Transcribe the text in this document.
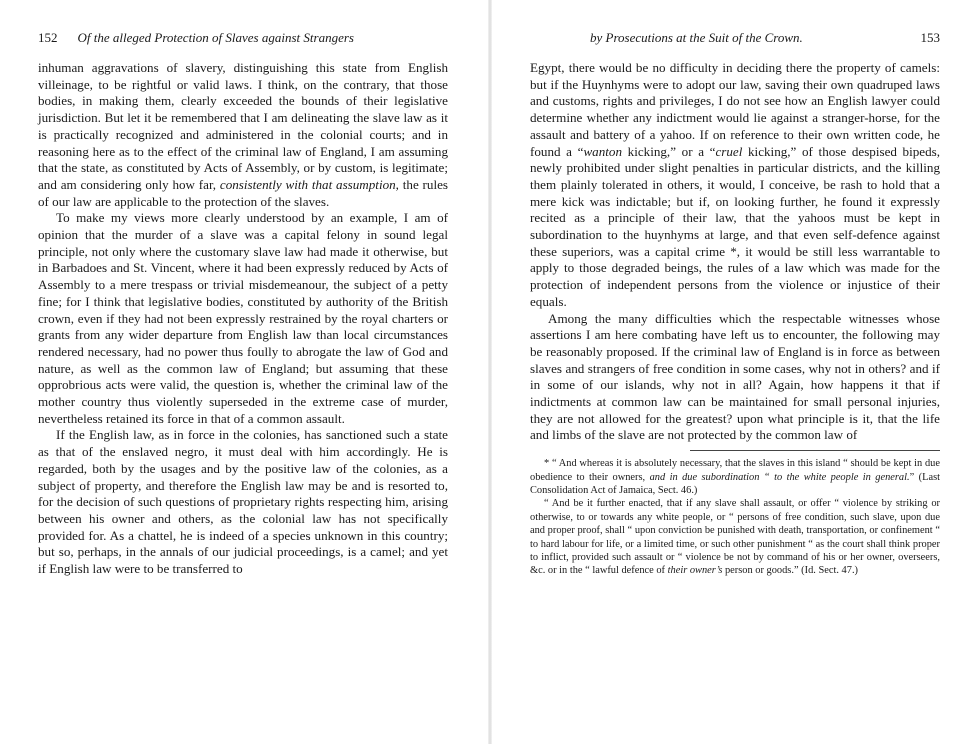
152 Of the alleged Protection of Slaves against Strangers

inhuman aggravations of slavery, distinguishing this state from English villeinage, to be rightful or valid laws. I think, on the contrary, that those bodies, in making them, clearly exceeded the bounds of their legislative jurisdiction. But let it be remembered that I am delineating the slave law as it is practically recognized and administered in the colonial courts; and in reasoning here as to the effect of the criminal law of England, I am assuming that the state, as constituted by Acts of Assembly, or by custom, is legitimate; and am considering only how far, consistently with that assumption, the rules of our law are applicable to the protection of the slaves.

To make my views more clearly understood by an example, I am of opinion that the murder of a slave was a capital felony in sound legal principle, not only where the customary slave law had made it otherwise, but in Barbadoes and St. Vincent, where it had been expressly reduced by Acts of Assembly to a mere trespass or trivial misdemeanour, the subject of a petty fine; for I think that legislative bodies, constituted by authority of the British crown, even if they had not been expressly restrained by the royal charters or grants from any wider departure from English law than local circumstances rendered necessary, had no power thus foully to abrogate the law of God and nature, as well as the common law of England; but assuming that these opprobrious acts were valid, the question is, whether the criminal law of the mother country thus violently superseded in the extreme case of murder, nevertheless retained its force in that of a common assault.

If the English law, as in force in the colonies, has sanctioned such a state as that of the enslaved negro, it must deal with him accordingly. He is regarded, both by the usages and by the positive law of the colonies, as a subject of property, and therefore the English law may be and is resorted to, for the decision of such questions of proprietary rights respecting him, arising between his owner and others, as the colonial law has not specifically provided for. As a chattel, he is indeed of a species unknown in this country; but so, perhaps, in the annals of our judicial proceedings, is a camel; and yet if English law were to be transferred to

by Prosecutions at the Suit of the Crown.	153

Egypt, there would be no difficulty in deciding there the property of camels: but if the Huynhyms were to adopt our law, saving their own quadruped laws and customs, rights and privileges, I do not see how an English lawyer could determine whether any indictment would lie against a stranger-horse, for the assault and battery of a yahoo. If on reference to their own written code, he found a “wanton kicking,” or a “cruel kicking,” of those despised bipeds, newly prohibited under slight penalties in particular districts, and the killing them plainly tolerated in others, it would, I conceive, be rash to hold that a mere kick was indictable; but if, on looking further, he found it expressly recited as a principle of their law, that the yahoos must be kept in subordination to the huynhyms at large, and that even self-defence against these superiors, was a capital crime *, it would be still less warrantable to apply to those degraded beings, the rules of a law which was made for the protection of independent persons from the violence or injustice of their equals.

Among the many difficulties which the respectable witnesses whose assertions I am here combating have left us to encounter, the following may be reasonably proposed. If the criminal law of England is in force as between slaves and strangers of free condition in some cases, why not in others? and if in some of our islands, why not in all? Again, how happens it that if indictments at common law can be maintained for small personal injuries, they are not allowed for the greatest? upon what principle is it, that the life and limbs of the slave are not protected by the common law of

* “ And whereas it is absolutely necessary, that the slaves in this island “ should be kept in due obedience to their owners, and in due subordination “ to the white people in general.” (Last Consolidation Act of Jamaica, Sect. 46.)

“ And be it further enacted, that if any slave shall assault, or offer “ violence by striking or otherwise, to or towards any white people, or “ persons of free condition, such slave, upon due and proper proof, shall “ upon conviction be punished with death, transportation, or confinement “ to hard labour for life, or a limited time, or such other punishment “ as the court shall think proper to inflict, provided such assault or “ violence be not by command of his or her owner, overseers, &c. or in the “ lawful defence of their owner’s person or goods.” (Id. Sect. 47.)
